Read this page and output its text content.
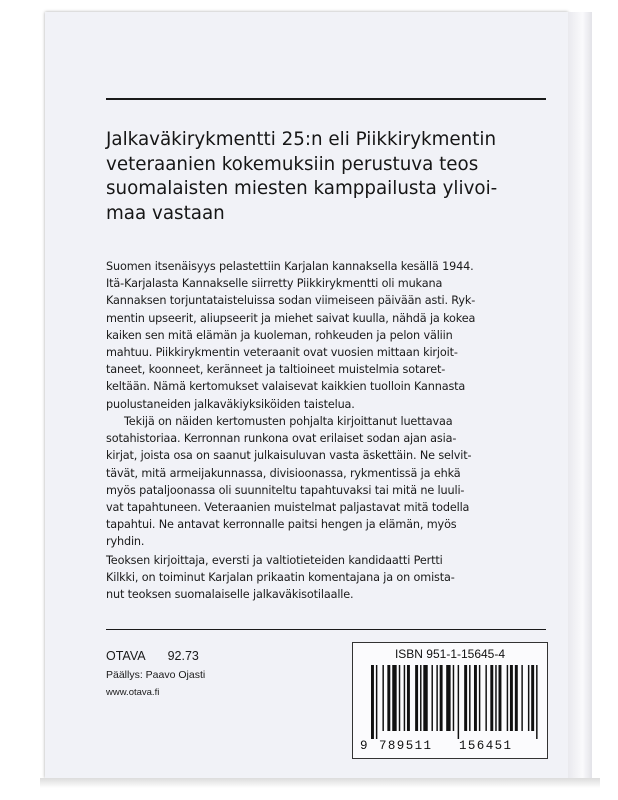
Jalkaväkirykmentti 25:n eli Piikkirykmentin
veteraanien kokemuksiin perustuva teos
suomalaisten miesten kamppailusta ylivoi-
maa vastaan
Suomen itsenäisyys pelastettiin Karjalan kannaksella kesällä 1944.
Itä-Karjalasta Kannakselle siirretty Piikkirykmentti oli mukana
Kannaksen torjuntataisteluissa sodan viimeiseen päivään asti. Ryk-
mentin upseerit, aliupseerit ja miehet saivat kuulla, nähdä ja kokea
kaiken sen mitä elämän ja kuoleman, rohkeuden ja pelon väliin
mahtuu. Piikkirykmentin veteraanit ovat vuosien mittaan kirjoit-
taneet, koonneet, keränneet ja taltioineet muistelmia sotaret-
keltään. Nämä kertomukset valaisevat kaikkien tuolloin Kannasta
puolustaneiden jalkaväkiyksiköiden taistelua.
Tekijä on näiden kertomusten pohjalta kirjoittanut luettavaa
sotahistoriaa. Kerronnan runkona ovat erilaiset sodan ajan asia-
kirjat, joista osa on saanut julkaisuluvan vasta äskettäin. Ne selvit-
tävät, mitä armeijakunnassa, divisioonassa, rykmentissä ja ehkä
myös pataljoonassa oli suunniteltu tapahtuvaksi tai mitä ne luuli-
vat tapahtuneen. Veteraanien muistelmat paljastavat mitä todella
tapahtui. Ne antavat kerronnalle paitsi hengen ja elämän, myös
ryhdin.
Teoksen kirjoittaja, eversti ja valtiotieteiden kandidaatti Pertti
Kilkki, on toiminut Karjalan prikaatin komentajana ja on omista-
nut teoksen suomalaiselle jalkaväkisotilaalle.
OTAVA 92.73
Päällys: Paavo Ojasti
www.otava.fi
ISBN 951-1-15645-4
9 789511 156451
